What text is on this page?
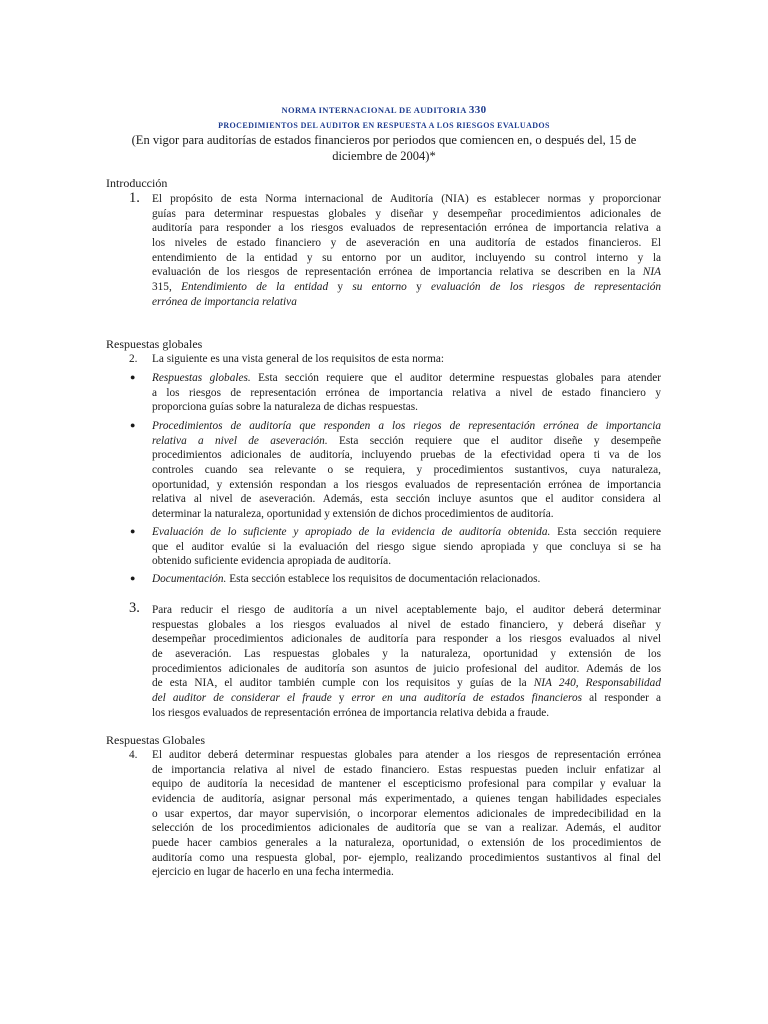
NORMA INTERNACIONAL DE AUDITORIA 330
PROCEDIMIENTOS DEL AUDITOR EN RESPUESTA A LOS RIESGOS EVALUADOS
(En vigor para auditorías de estados financieros por periodos que comiencen en, o después del, 15 de
diciembre de 2004)*
Introducción
1. El propósito de esta Norma internacional de Auditoría (NIA) es establecer normas y proporcionar
guías para determinar respuestas globales y diseñar y desempeñar procedimientos adicionales de
auditoría para responder a los riesgos evaluados de representación errónea de importancia relativa a
los niveles de estado financiero y de aseveración en una auditoría de estados financieros. El
entendimiento de la entidad y su entorno por un auditor, incluyendo su control interno y la
evaluación de los riesgos de representación errónea de importancia relativa se describen en la NIA
315, Entendimiento de la entidad y su entorno y evaluación de los riesgos de representación
errónea de importancia relativa
Respuestas globales
2. La siguiente es una vista general de los requisitos de esta norma:
● Respuestas globales. Esta sección requiere que el auditor determine respuestas globales para atender
a los riesgos de representación errónea de importancia relativa a nivel de estado financiero y
proporciona guías sobre la naturaleza de dichas respuestas.
● Procedimientos de auditoría que responden a los riegos de representación errónea de importancia
relativa a nivel de aseveración. Esta sección requiere que el auditor diseñe y desempeñe
procedimientos adicionales de auditoría, incluyendo pruebas de la efectividad opera ti va de los
controles cuando sea relevante o se requiera, y procedimientos sustantivos, cuya naturaleza,
oportunidad, y extensión respondan a los riesgos evaluados de representación errónea de importancia
relativa al nivel de aseveración. Además, esta sección incluye asuntos que el auditor considera al
determinar la naturaleza, oportunidad y extensión de dichos procedimientos de auditoría.
● Evaluación de lo suficiente y apropiado de la evidencia de auditoría obtenida. Esta sección requiere
que el auditor evalúe si la evaluación del riesgo sigue siendo apropiada y que concluya si se ha
obtenido suficiente evidencia apropiada de auditoría.
● Documentación. Esta sección establece los requisitos de documentación relacionados.
3. Para reducir el riesgo de auditoría a un nivel aceptablemente bajo, el auditor deberá determinar
respuestas globales a los riesgos evaluados al nivel de estado financiero, y deberá diseñar y
desempeñar procedimientos adicionales de auditoría para responder a los riesgos evaluados al nivel
de aseveración. Las respuestas globales y la naturaleza, oportunidad y extensión de los
procedimientos adicionales de auditoría son asuntos de juicio profesional del auditor. Además de los
de esta NIA, el auditor también cumple con los requisitos y guías de la NIA 240, Responsabilidad
del auditor de considerar el fraude y error en una auditoría de estados financieros al responder a
los riesgos evaluados de representación errónea de importancia relativa debida a fraude.
Respuestas Globales
4. El auditor deberá determinar respuestas globales para atender a los riesgos de representación errónea
de importancia relativa al nivel de estado financiero. Estas respuestas pueden incluir enfatizar al
equipo de auditoría la necesidad de mantener el escepticismo profesional para compilar y evaluar la
evidencia de auditoría, asignar personal más experimentado, a quienes tengan habilidades especiales
o usar expertos, dar mayor supervisión, o incorporar elementos adicionales de impredecibilidad en la
selección de los procedimientos adicionales de auditoría que se van a realizar. Además, el auditor
puede hacer cambios generales a la naturaleza, oportunidad, o extensión de los procedimientos de
auditoría como una respuesta global, por- ejemplo, realizando procedimientos sustantivos al final del
ejercicio en lugar de hacerlo en una fecha intermedia.
